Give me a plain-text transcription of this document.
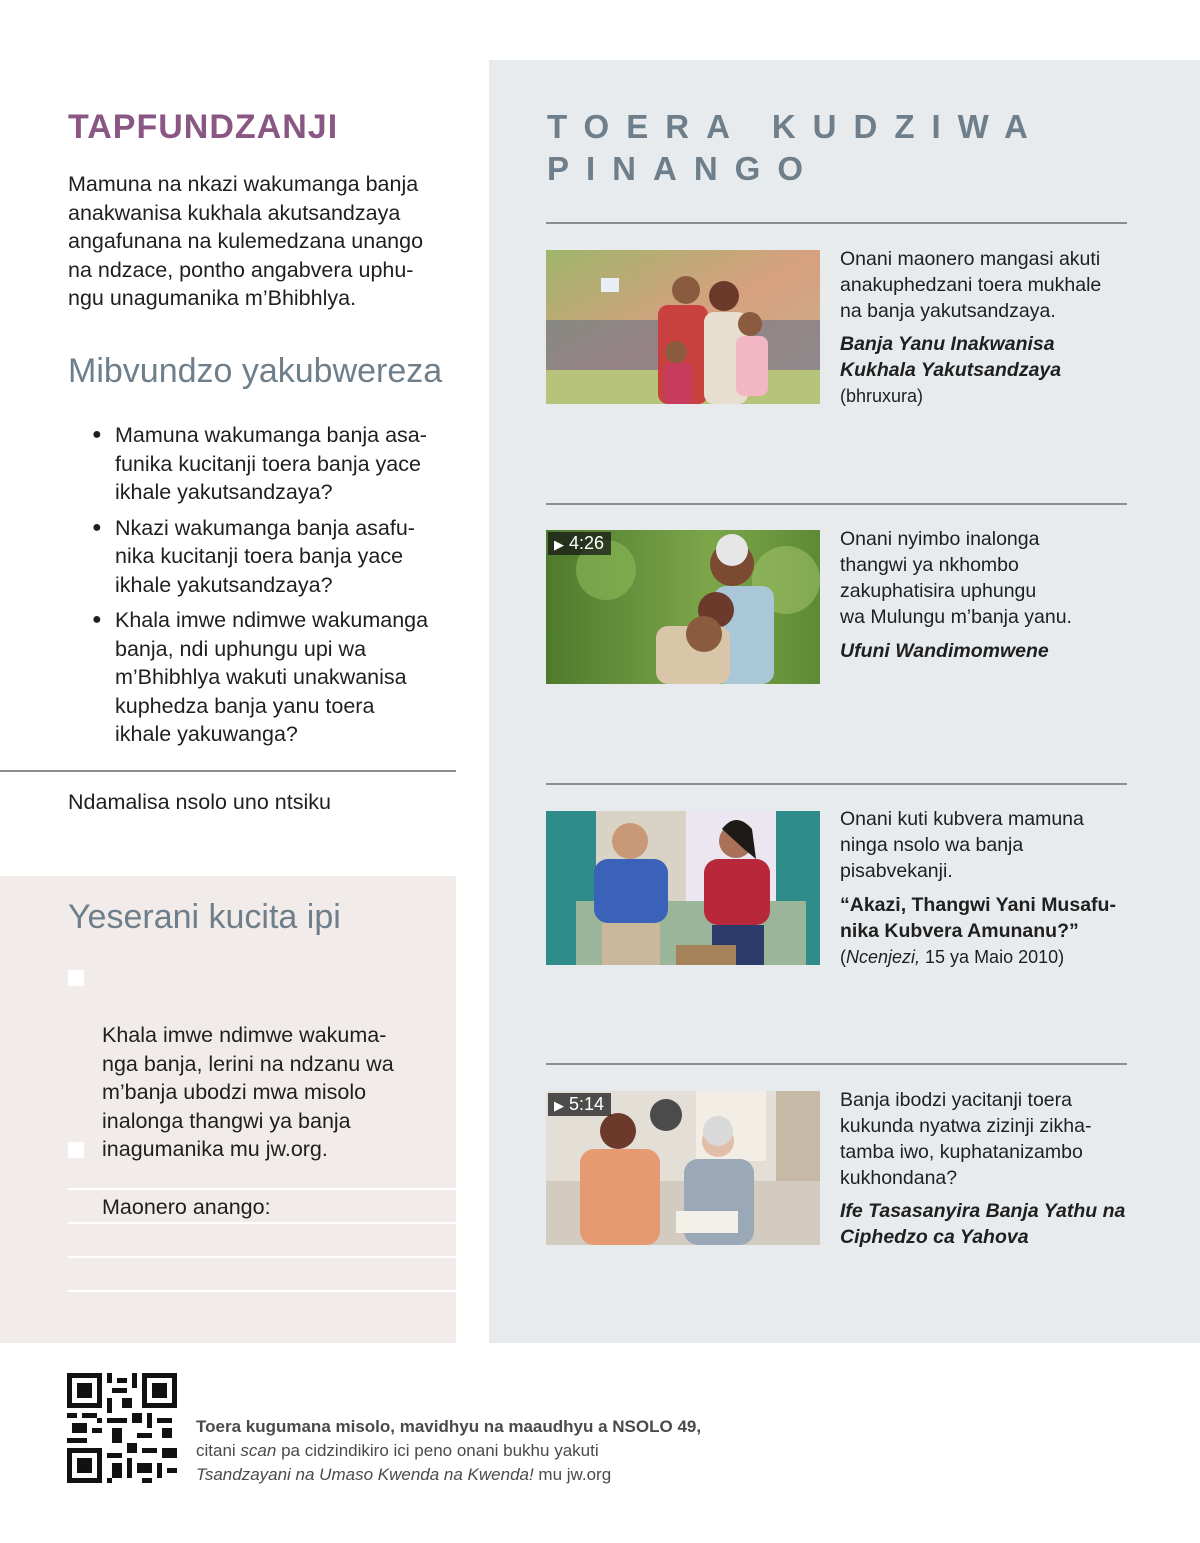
TAPFUNDZANJI
Mamuna na nkazi wakumanga banja
anakwanisa kukhala akutsandzaya
angafunana na kulemedzana unango
na ndzace, pontho angabvera uphu-
ngu unagumanika m’Bhibhlya.
Mibvundzo yakubwereza
● Mamuna wakumanga banja asa-
funika kucitanji toera banja yace
ikhale yakutsandzaya?
● Nkazi wakumanga banja asafu-
nika kucitanji toera banja yace
ikhale yakutsandzaya?
● Khala imwe ndimwe wakumanga
banja, ndi uphungu upi wa
m’Bhibhlya wakuti unakwanisa
kuphedza banja yanu toera
ikhale yakuwanga?
Ndamalisa nsolo uno ntsiku
Yeserani kucita ipi

Khala imwe ndimwe wakuma-
nga banja, lerini na ndzanu wa
m’banja ubodzi mwa misolo
inalonga thangwi ya banja
inagumanika mu jw.org.

Maonero anango:

TOERA KUDZIWA
PINANGO
Onani maonero mangasi akuti
anakuphedzani toera mukhale
na banja yakutsandzaya.
Banja Yanu Inakwanisa
Kukhala Yakutsandzaya
(bhruxura)
▶ 4:26	Onani nyimbo inalonga
thangwi ya nkhombo
zakuphatisira uphungu
wa Mulungu m’banja yanu.
Ufuni Wandimomwene
Onani kuti kubvera mamuna
ninga nsolo wa banja
pisabvekanji.
“Akazi, Thangwi Yani Musafu-
nika Kubvera Amunanu?”
(Ncenjezi, 15 ya Maio 2010)
▶ 5:14	Banja ibodzi yacitanji toera
kukunda nyatwa zizinji zikha-
tamba iwo, kuphatanizambo
kukhondana?
Ife Tasasanyira Banja Yathu na
Ciphedzo ca Yahova
Toera kugumana misolo, mavidhyu na maaudhyu a NSOLO 49,
citani scan pa cidzindikiro ici peno onani bukhu yakuti
Tsandzayani na Umaso Kwenda na Kwenda! mu jw.org
